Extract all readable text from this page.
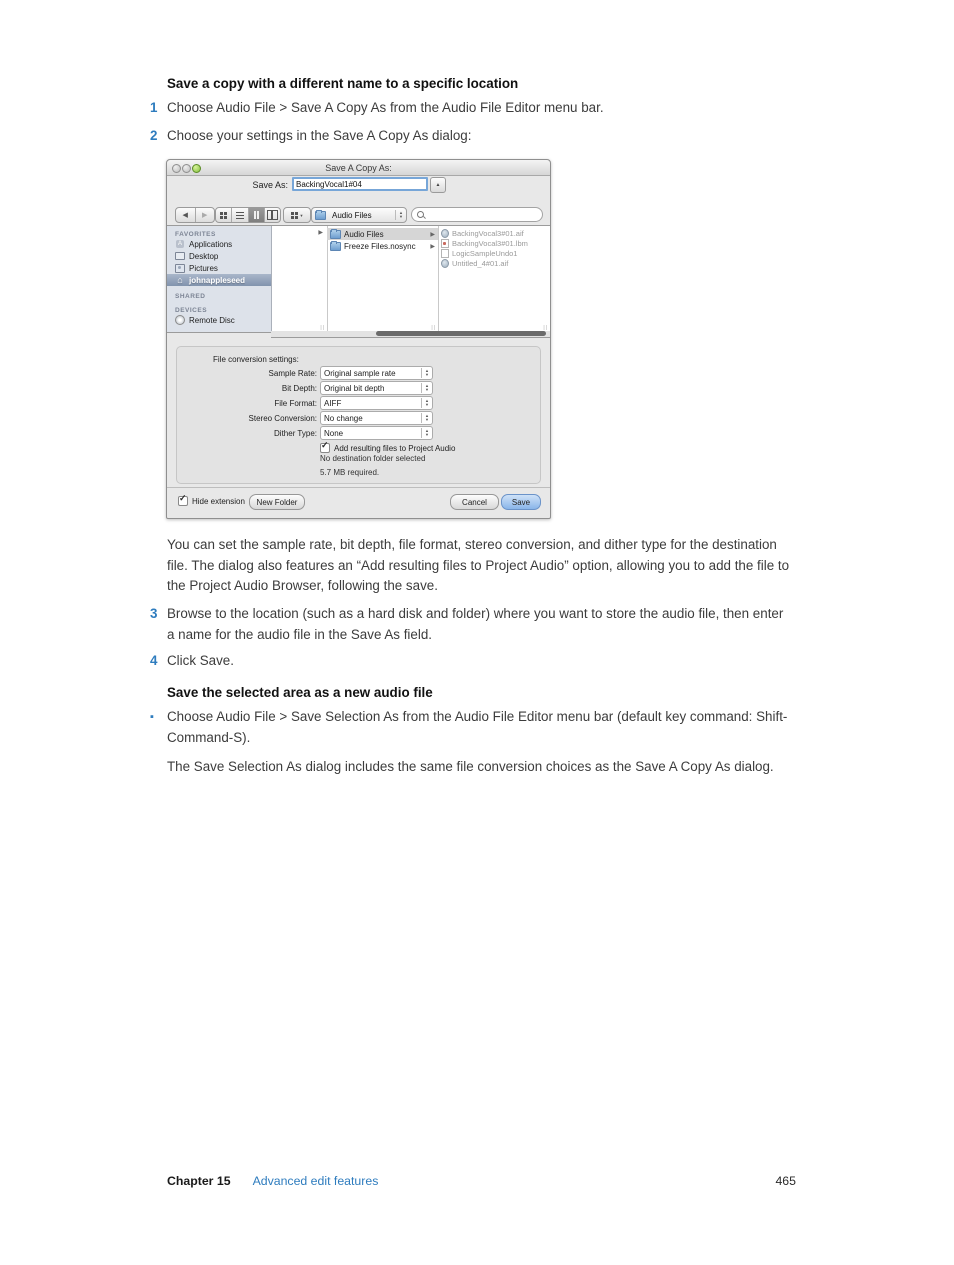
Save a copy with a different name to a specific location
1 Choose Audio File > Save A Copy As from the Audio File Editor menu bar.
2 Choose your settings in the Save A Copy As dialog:
Save A Copy As:
Save As:
BackingVocal1#04	▲
◀ ▶	▼	Audio Files
▲ ▼
FAVORITES
A Applications
Desktop
Pictures
⌂ johnappleseed
SHARED
DEVICES
Remote Disc
▶
||
Audio Files	▶
Freeze Files.nosync ▶
||
BackingVocal3#01.aif
BackingVocal3#01.lbm
LogicSampleUndo1
Untitled_4#01.aif
||
File conversion settings:
Sample Rate: Original sample rate
▲ ▼
Bit Depth: Original bit depth
▲ ▼
File Format: AIFF
▲ ▼
Stereo Conversion: No change
▲ ▼
Dither Type: None
▲ ▼
✓ Add resulting files to Project Audio
No destination folder selected
5.7 MB required.
✓ Hide extension	New Folder	Cancel	Save
You can set the sample rate, bit depth, file format, stereo conversion, and dither type for the destination file. The dialog also features an “Add resulting files to Project Audio” option, allowing you to add the file to the Project Audio Browser, following the save.
3 Browse to the location (such as a hard disk and folder) where you want to store the audio file, then enter a name for the audio file in the Save As field.
4 Click Save.
Save the selected area as a new audio file
▪ Choose Audio File > Save Selection As from the Audio File Editor menu bar (default key command: Shift-Command-S).
The Save Selection As dialog includes the same file conversion choices as the Save A Copy As dialog.
Chapter 15 Advanced edit features	465
